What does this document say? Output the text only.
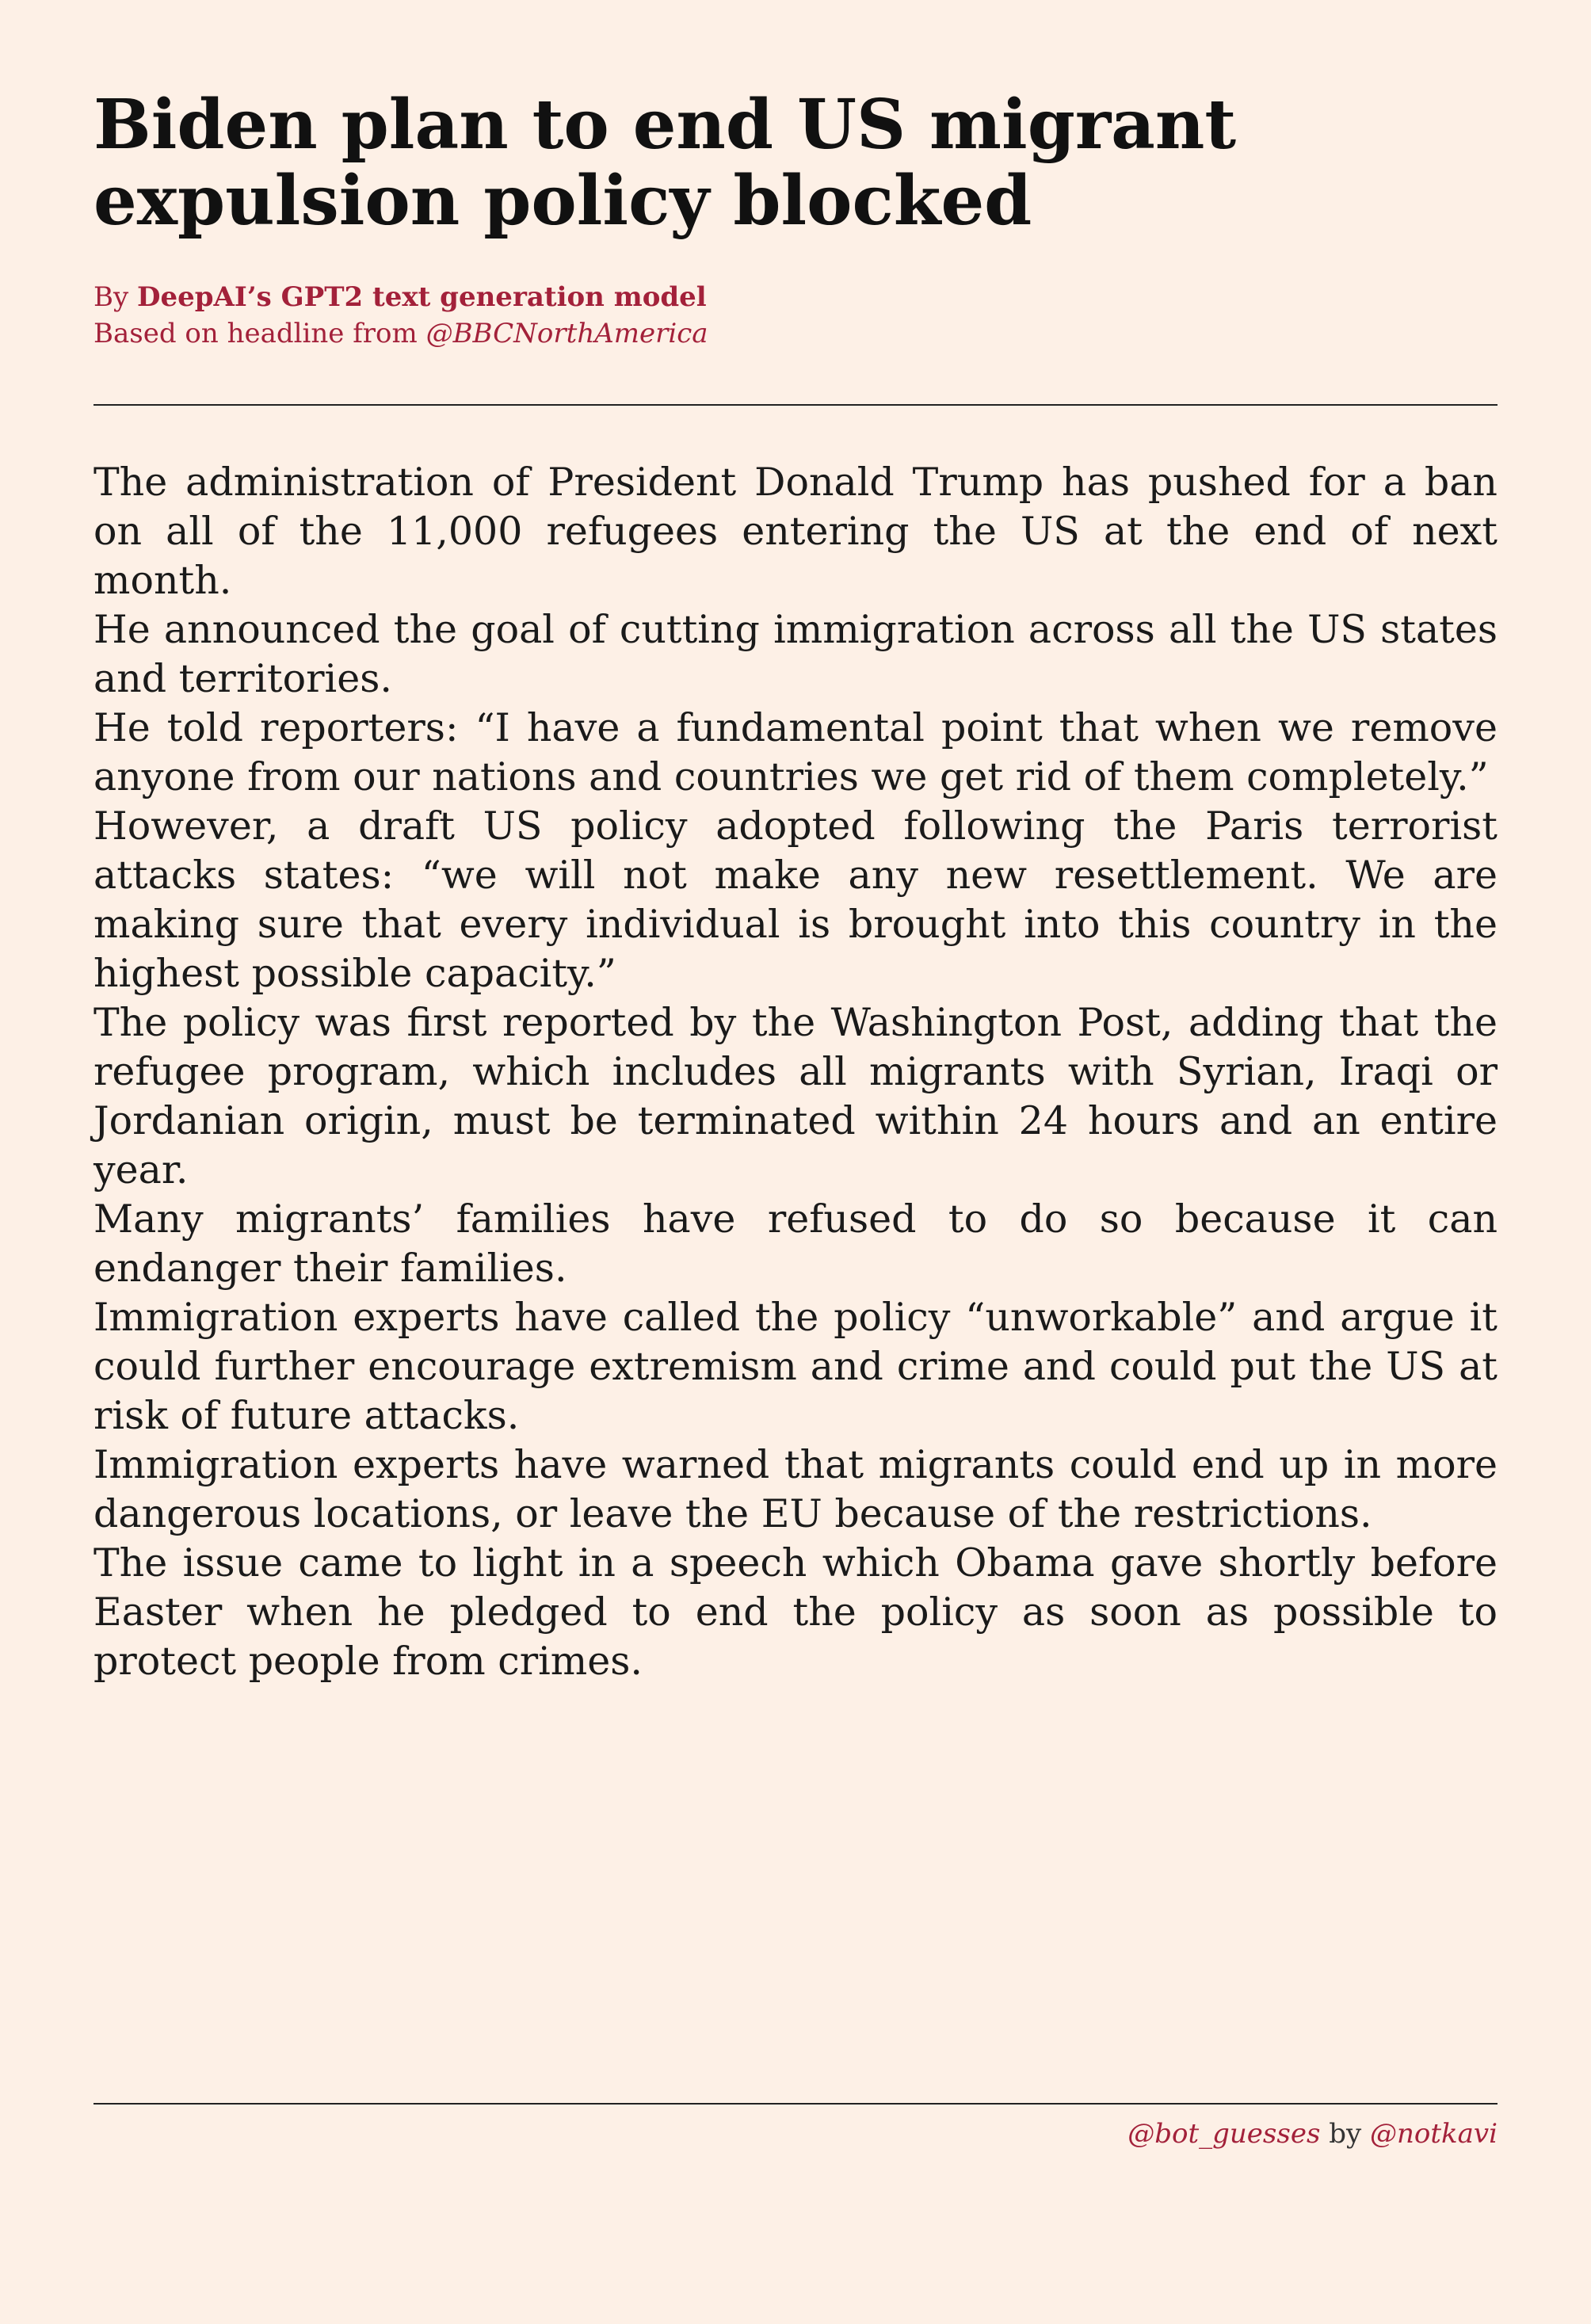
Biden plan to end US migrant expulsion policy blocked
By DeepAI’s GPT2 text generation model
Based on headline from @BBCNorthAmerica

The administration of President Donald Trump has pushed for a ban on all of the 11,000 refugees entering the US at the end of next month.

He announced the goal of cutting immigration across all the US states and territories.

He told reporters: “I have a fundamental point that when we remove anyone from our nations and countries we get rid of them completely.”

However, a draft US policy adopted following the Paris terrorist attacks states: “we will not make any new resettlement. We are making sure that every individual is brought into this country in the highest possible capacity.”

The policy was first reported by the Washington Post, adding that the refugee program, which includes all migrants with Syrian, Iraqi or Jordanian origin, must be terminated within 24 hours and an entire year.

Many migrants’ families have refused to do so because it can endanger their families.

Immigration experts have called the policy “unworkable” and argue it could further encourage extremism and crime and could put the US at risk of future attacks.

Immigration experts have warned that migrants could end up in more dangerous locations, or leave the EU because of the restrictions.

The issue came to light in a speech which Obama gave shortly before Easter when he pledged to end the policy as soon as possible to protect people from crimes.

@bot_guesses by @notkavi
